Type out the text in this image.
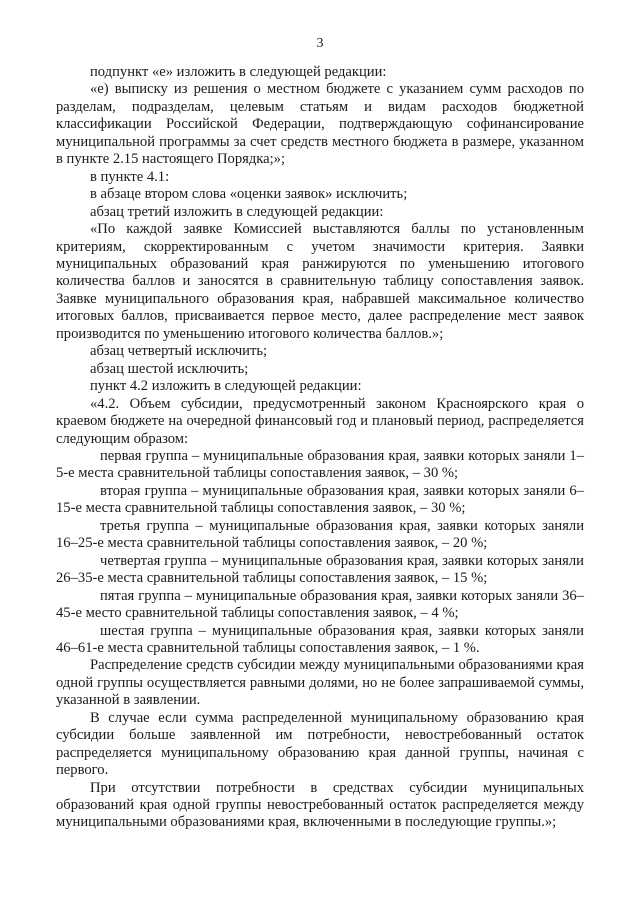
3

подпункт «е» изложить в следующей редакции:

«е) выписку из решения о местном бюджете с указанием сумм расходов по разделам, подразделам, целевым статьям и видам расходов бюджетной классификации Российской Федерации, подтверждающую софинансирование муниципальной программы за счет средств местного бюджета в размере, указанном в пункте 2.15 настоящего Порядка;»;

в пункте 4.1:

в абзаце втором слова «оценки заявок» исключить;

абзац третий изложить в следующей редакции:

«По каждой заявке Комиссией выставляются баллы по установленным критериям, скорректированным с учетом значимости критерия. Заявки муниципальных образований края ранжируются по уменьшению итогового количества баллов и заносятся в сравнительную таблицу сопоставления заявок. Заявке муниципального образования края, набравшей максимальное количество итоговых баллов, присваивается первое место, далее распределение мест заявок производится по уменьшению итогового количества баллов.»;

абзац четвертый исключить;

абзац шестой исключить;

пункт 4.2 изложить в следующей редакции:

«4.2. Объем субсидии, предусмотренный законом Красноярского края о краевом бюджете на очередной финансовый год и плановый период, распределяется следующим образом:

первая группа – муниципальные образования края, заявки которых заняли 1–5-е места сравнительной таблицы сопоставления заявок, – 30 %;

вторая группа – муниципальные образования края, заявки которых заняли 6–15-е места сравнительной таблицы сопоставления заявок, – 30 %;

третья группа – муниципальные образования края, заявки которых заняли 16–25-е места сравнительной таблицы сопоставления заявок, – 20 %;

четвертая группа – муниципальные образования края, заявки которых заняли 26–35-е места сравнительной таблицы сопоставления заявок, – 15 %;

пятая группа – муниципальные образования края, заявки которых заняли 36–45-е место сравнительной таблицы сопоставления заявок, – 4 %;

шестая группа – муниципальные образования края, заявки которых заняли 46–61-е места сравнительной таблицы сопоставления заявок, – 1 %.

Распределение средств субсидии между муниципальными образованиями края одной группы осуществляется равными долями, но не более запрашиваемой суммы, указанной в заявлении.

В случае если сумма распределенной муниципальному образованию края субсидии больше заявленной им потребности, невостребованный остаток распределяется муниципальному образованию края данной группы, начиная с первого.

При отсутствии потребности в средствах субсидии муниципальных образований края одной группы невостребованный остаток распределяется между муниципальными образованиями края, включенными в последующие группы.»;
